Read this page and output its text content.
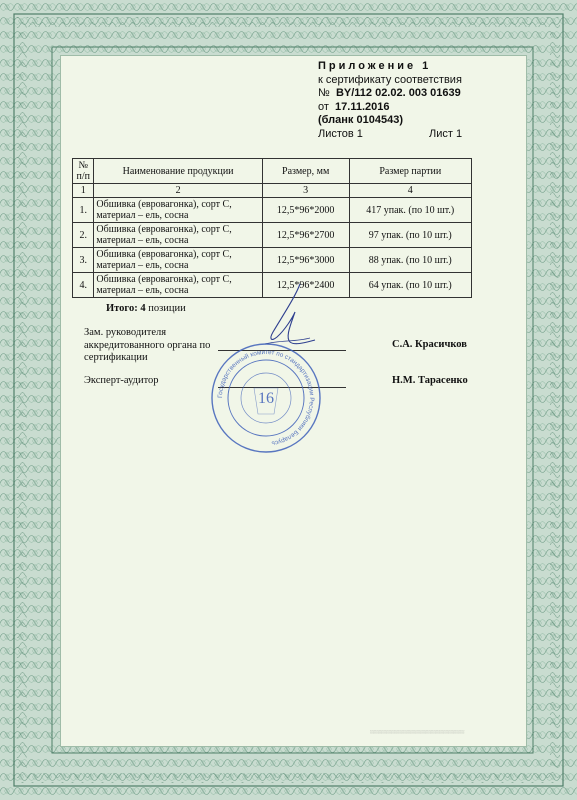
Приложение 1
к сертификату соответствия
№ BY/112 02.02. 003 01639
от 17.11.2016
(бланк 0104543)
Листов 1	Лист 1
№ п/п	Наименование продукции	Размер, мм	Размер партии
1	2	3	4
1.	Обшивка (евровагонка), сорт С, материал – ель, сосна	12,5*96*2000	417 упак. (по 10 шт.)
2.	Обшивка (евровагонка), сорт С, материал – ель, сосна	12,5*96*2700	97 упак. (по 10 шт.)
3.	Обшивка (евровагонка), сорт С, материал – ель, сосна	12,5*96*3000	88 упак. (по 10 шт.)
4.	Обшивка (евровагонка), сорт С, материал – ель, сосна	12,5*96*2400	64 упак. (по 10 шт.)
Итого: 4 позиции
Зам. руководителя аккредитованного органа по сертификации
С.А. Красичков
Эксперт-аудитор	Н.М. Тарасенко
Государственный комитет по стандартизации Республики Беларусь
16
░░░░░░░░░░░░░░░░░░░░░░░░░░░░░░░░░░░░░░
